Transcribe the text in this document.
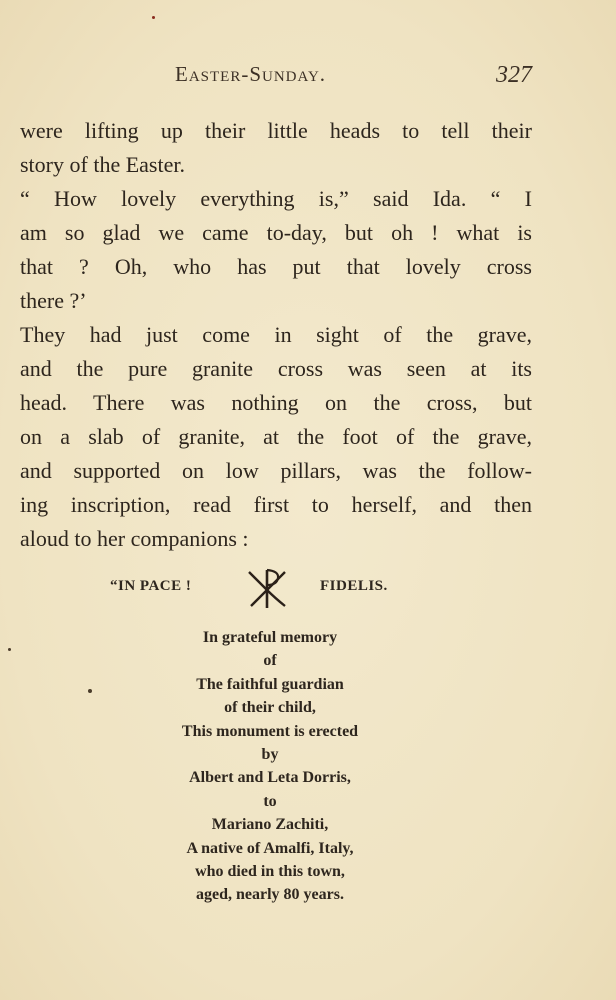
Easter-Sunday.	327
were lifting up their little heads to tell their
story of the Easter.
“ How lovely everything is,” said Ida. “ I
am so glad we came to-day, but oh ! what is
that ? Oh, who has put that lovely cross
there ?’
They had just come in sight of the grave,
and the pure granite cross was seen at its
head. There was nothing on the cross, but
on a slab of granite, at the foot of the grave,
and supported on low pillars, was the follow-
ing inscription, read first to herself, and then
aloud to her companions :
“IN PACE !	FIDELIS.
In grateful memory
of
The faithful guardian
of their child,
This monument is erected
by
Albert and Leta Dorris,
to
Mariano Zachiti,
A native of Amalfi, Italy,
who died in this town,
aged, nearly 80 years.
